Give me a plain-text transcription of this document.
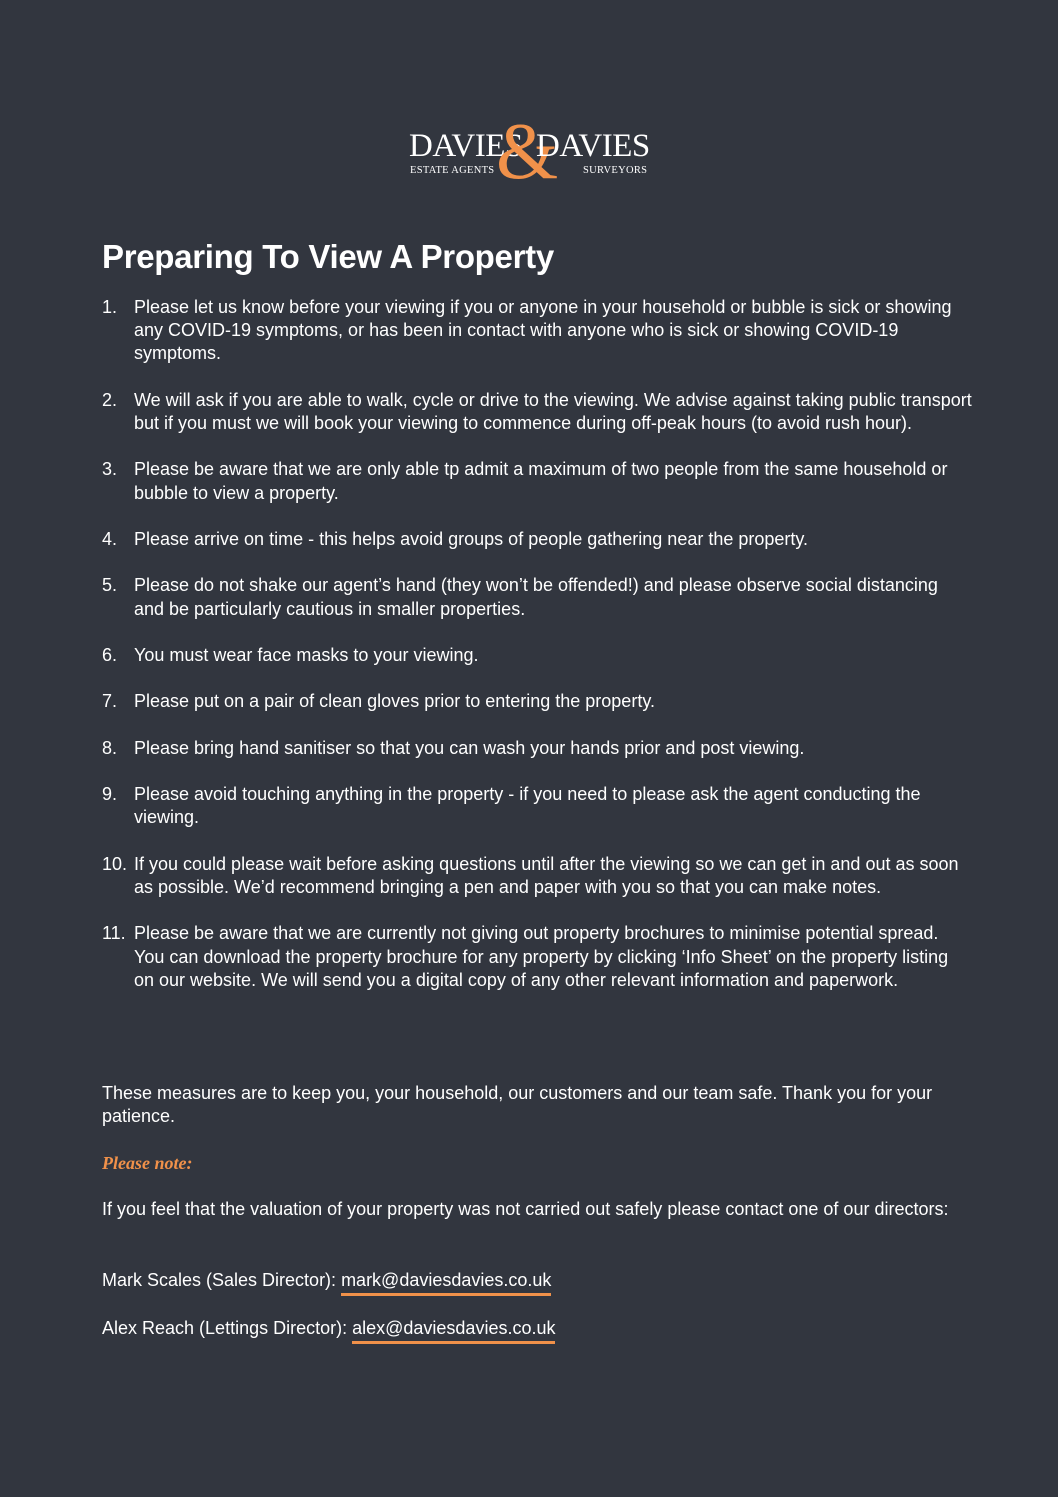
DAVIES
&
DAVIES
ESTATE AGENTS	SURVEYORS
Preparing To View A Property
1. Please let us know before your viewing if you or anyone in your household or bubble is sick or showing any COVID-19 symptoms, or has been in contact with anyone who is sick or showing COVID-19 symptoms.
2. We will ask if you are able to walk, cycle or drive to the viewing. We advise against taking public transport but if you must we will book your viewing to commence during off-peak hours (to avoid rush hour).
3. Please be aware that we are only able tp admit a maximum of two people from the same household or bubble to view a property.
4. Please arrive on time - this helps avoid groups of people gathering near the property.
5. Please do not shake our agent’s hand (they won’t be offended!) and please observe social distancing and be particularly cautious in smaller properties.
6. You must wear face masks to your viewing.
7. Please put on a pair of clean gloves prior to entering the property.
8. Please bring hand sanitiser so that you can wash your hands prior and post viewing.
9. Please avoid touching anything in the property - if you need to please ask the agent conducting the viewing.
10. If you could please wait before asking questions until after the viewing so we can get in and out as soon as possible. We’d recommend bringing a pen and paper with you so that you can make notes.
11. Please be aware that we are currently not giving out property brochures to minimise potential spread. You can download the property brochure for any property by clicking ‘Info Sheet’ on the property listing on our website. We will send you a digital copy of any other relevant information and paperwork.

These measures are to keep you, your household, our customers and our team safe. Thank you for your patience.

Please note:

If you feel that the valuation of your property was not carried out safely please contact one of our directors:

Mark Scales (Sales Director): mark@daviesdavies.co.uk

Alex Reach (Lettings Director): alex@daviesdavies.co.uk
